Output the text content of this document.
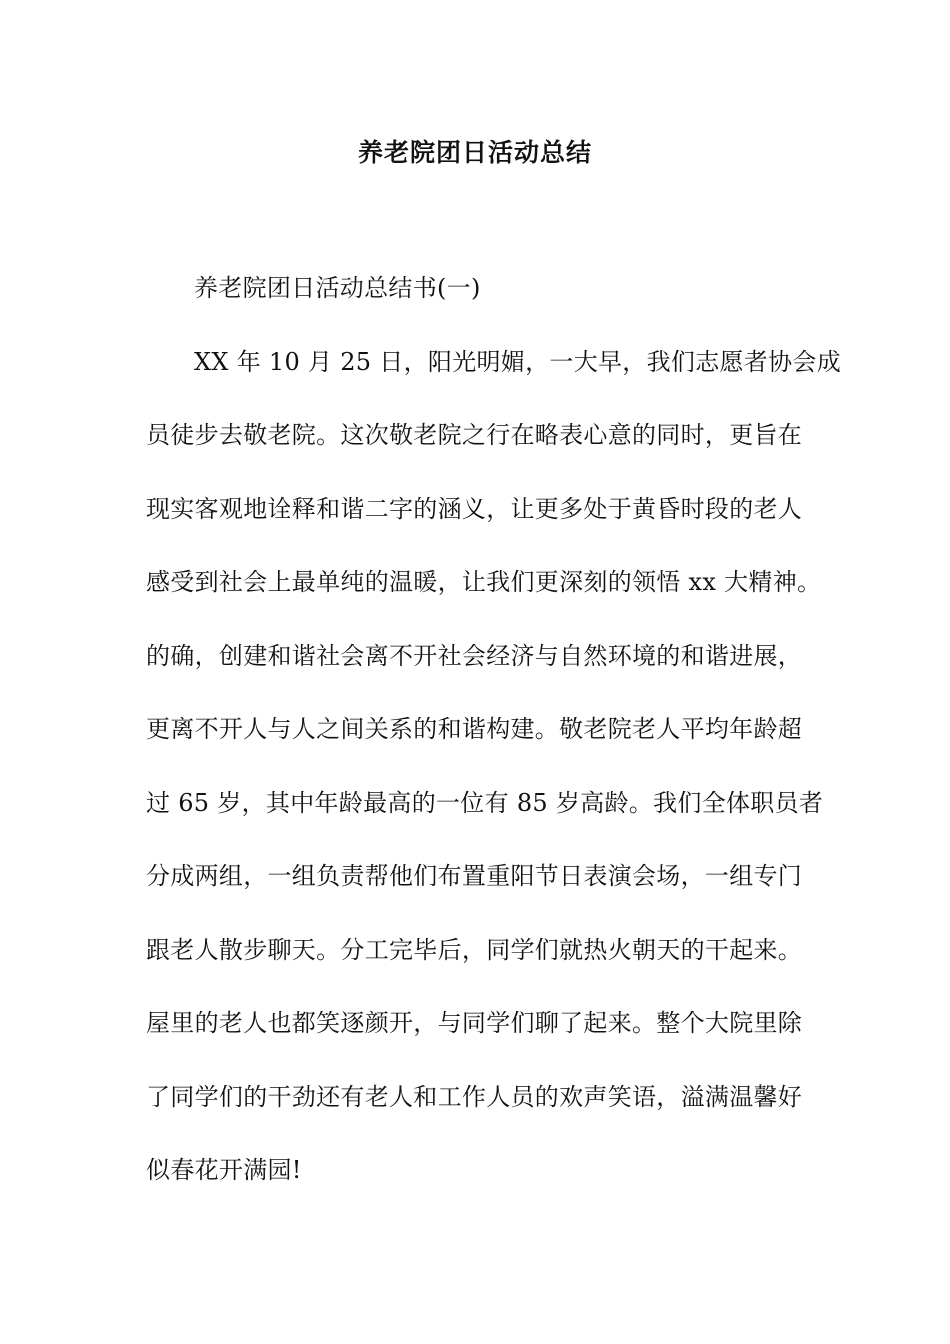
养老院团日活动总结
养老院团日活动总结书(一)
XX 年 10 月 25 日，阳光明媚，一大早，我们志愿者协会成
员徒步去敬老院。这次敬老院之行在略表心意的同时，更旨在
现实客观地诠释和谐二字的涵义，让更多处于黄昏时段的老人
感受到社会上最单纯的温暖，让我们更深刻的领悟 xx 大精神。
的确，创建和谐社会离不开社会经济与自然环境的和谐进展，
更离不开人与人之间关系的和谐构建。敬老院老人平均年龄超
过 65 岁，其中年龄最高的一位有 85 岁高龄。我们全体职员者
分成两组，一组负责帮他们布置重阳节日表演会场，一组专门
跟老人散步聊天。分工完毕后，同学们就热火朝天的干起来。
屋里的老人也都笑逐颜开，与同学们聊了起来。整个大院里除
了同学们的干劲还有老人和工作人员的欢声笑语，溢满温馨好
似春花开满园!
